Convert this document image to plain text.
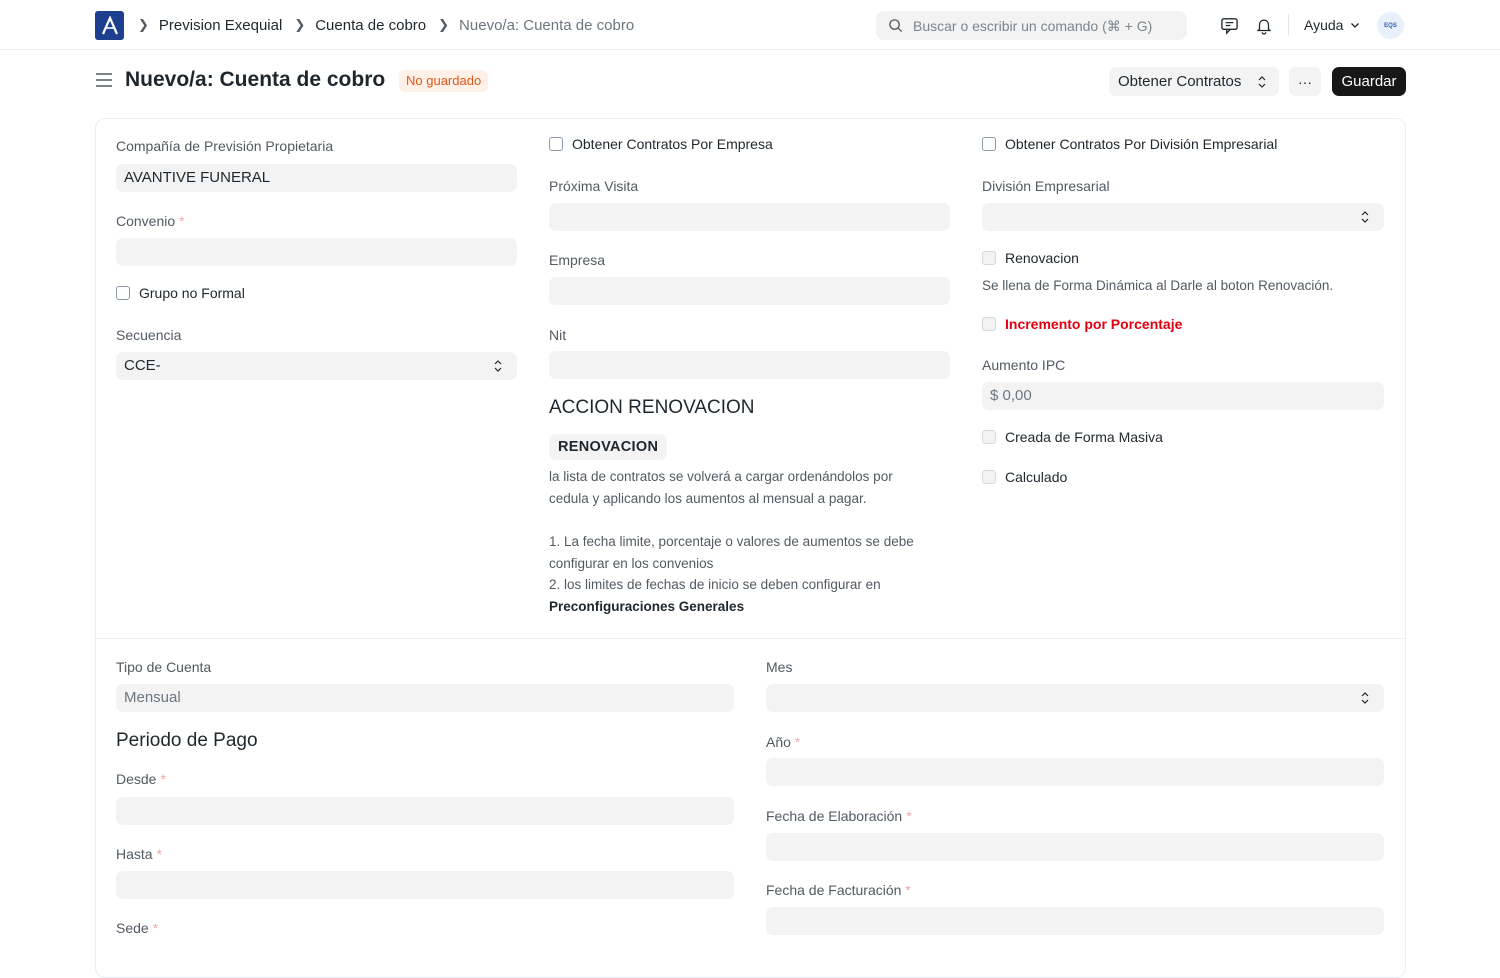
❯ Prevision Exequial ❯ Cuenta de cobro ❯ Nuevo/a: Cuenta de cobro
Buscar o escribir un comando (⌘ + G)	Ayuda	EQS
Nuevo/a: Cuenta de cobro	No guardado	Obtener Contratos	···	Guardar
Compañía de Previsión Propietaria
AVANTIVE FUNERAL
Convenio *
Grupo no Formal
Secuencia
CCE-
Obtener Contratos Por Empresa
Próxima Visita
Empresa
Nit
ACCION RENOVACION
RENOVACION
la lista de contratos se volverá a cargar ordenándolos por
cedula y aplicando los aumentos al mensual a pagar.
1. La fecha limite, porcentaje o valores de aumentos se debe
configurar en los convenios
2. los limites de fechas de inicio se deben configurar en
Preconfiguraciones Generales
Obtener Contratos Por División Empresarial
División Empresarial
Renovacion
Se llena de Forma Dinámica al Darle al boton Renovación.
Incremento por Porcentaje
Aumento IPC
$ 0,00
Creada de Forma Masiva
Calculado
Tipo de Cuenta
Mensual
Periodo de Pago
Desde *
Hasta *
Sede *
Mes
Año *
Fecha de Elaboración *
Fecha de Facturación *
